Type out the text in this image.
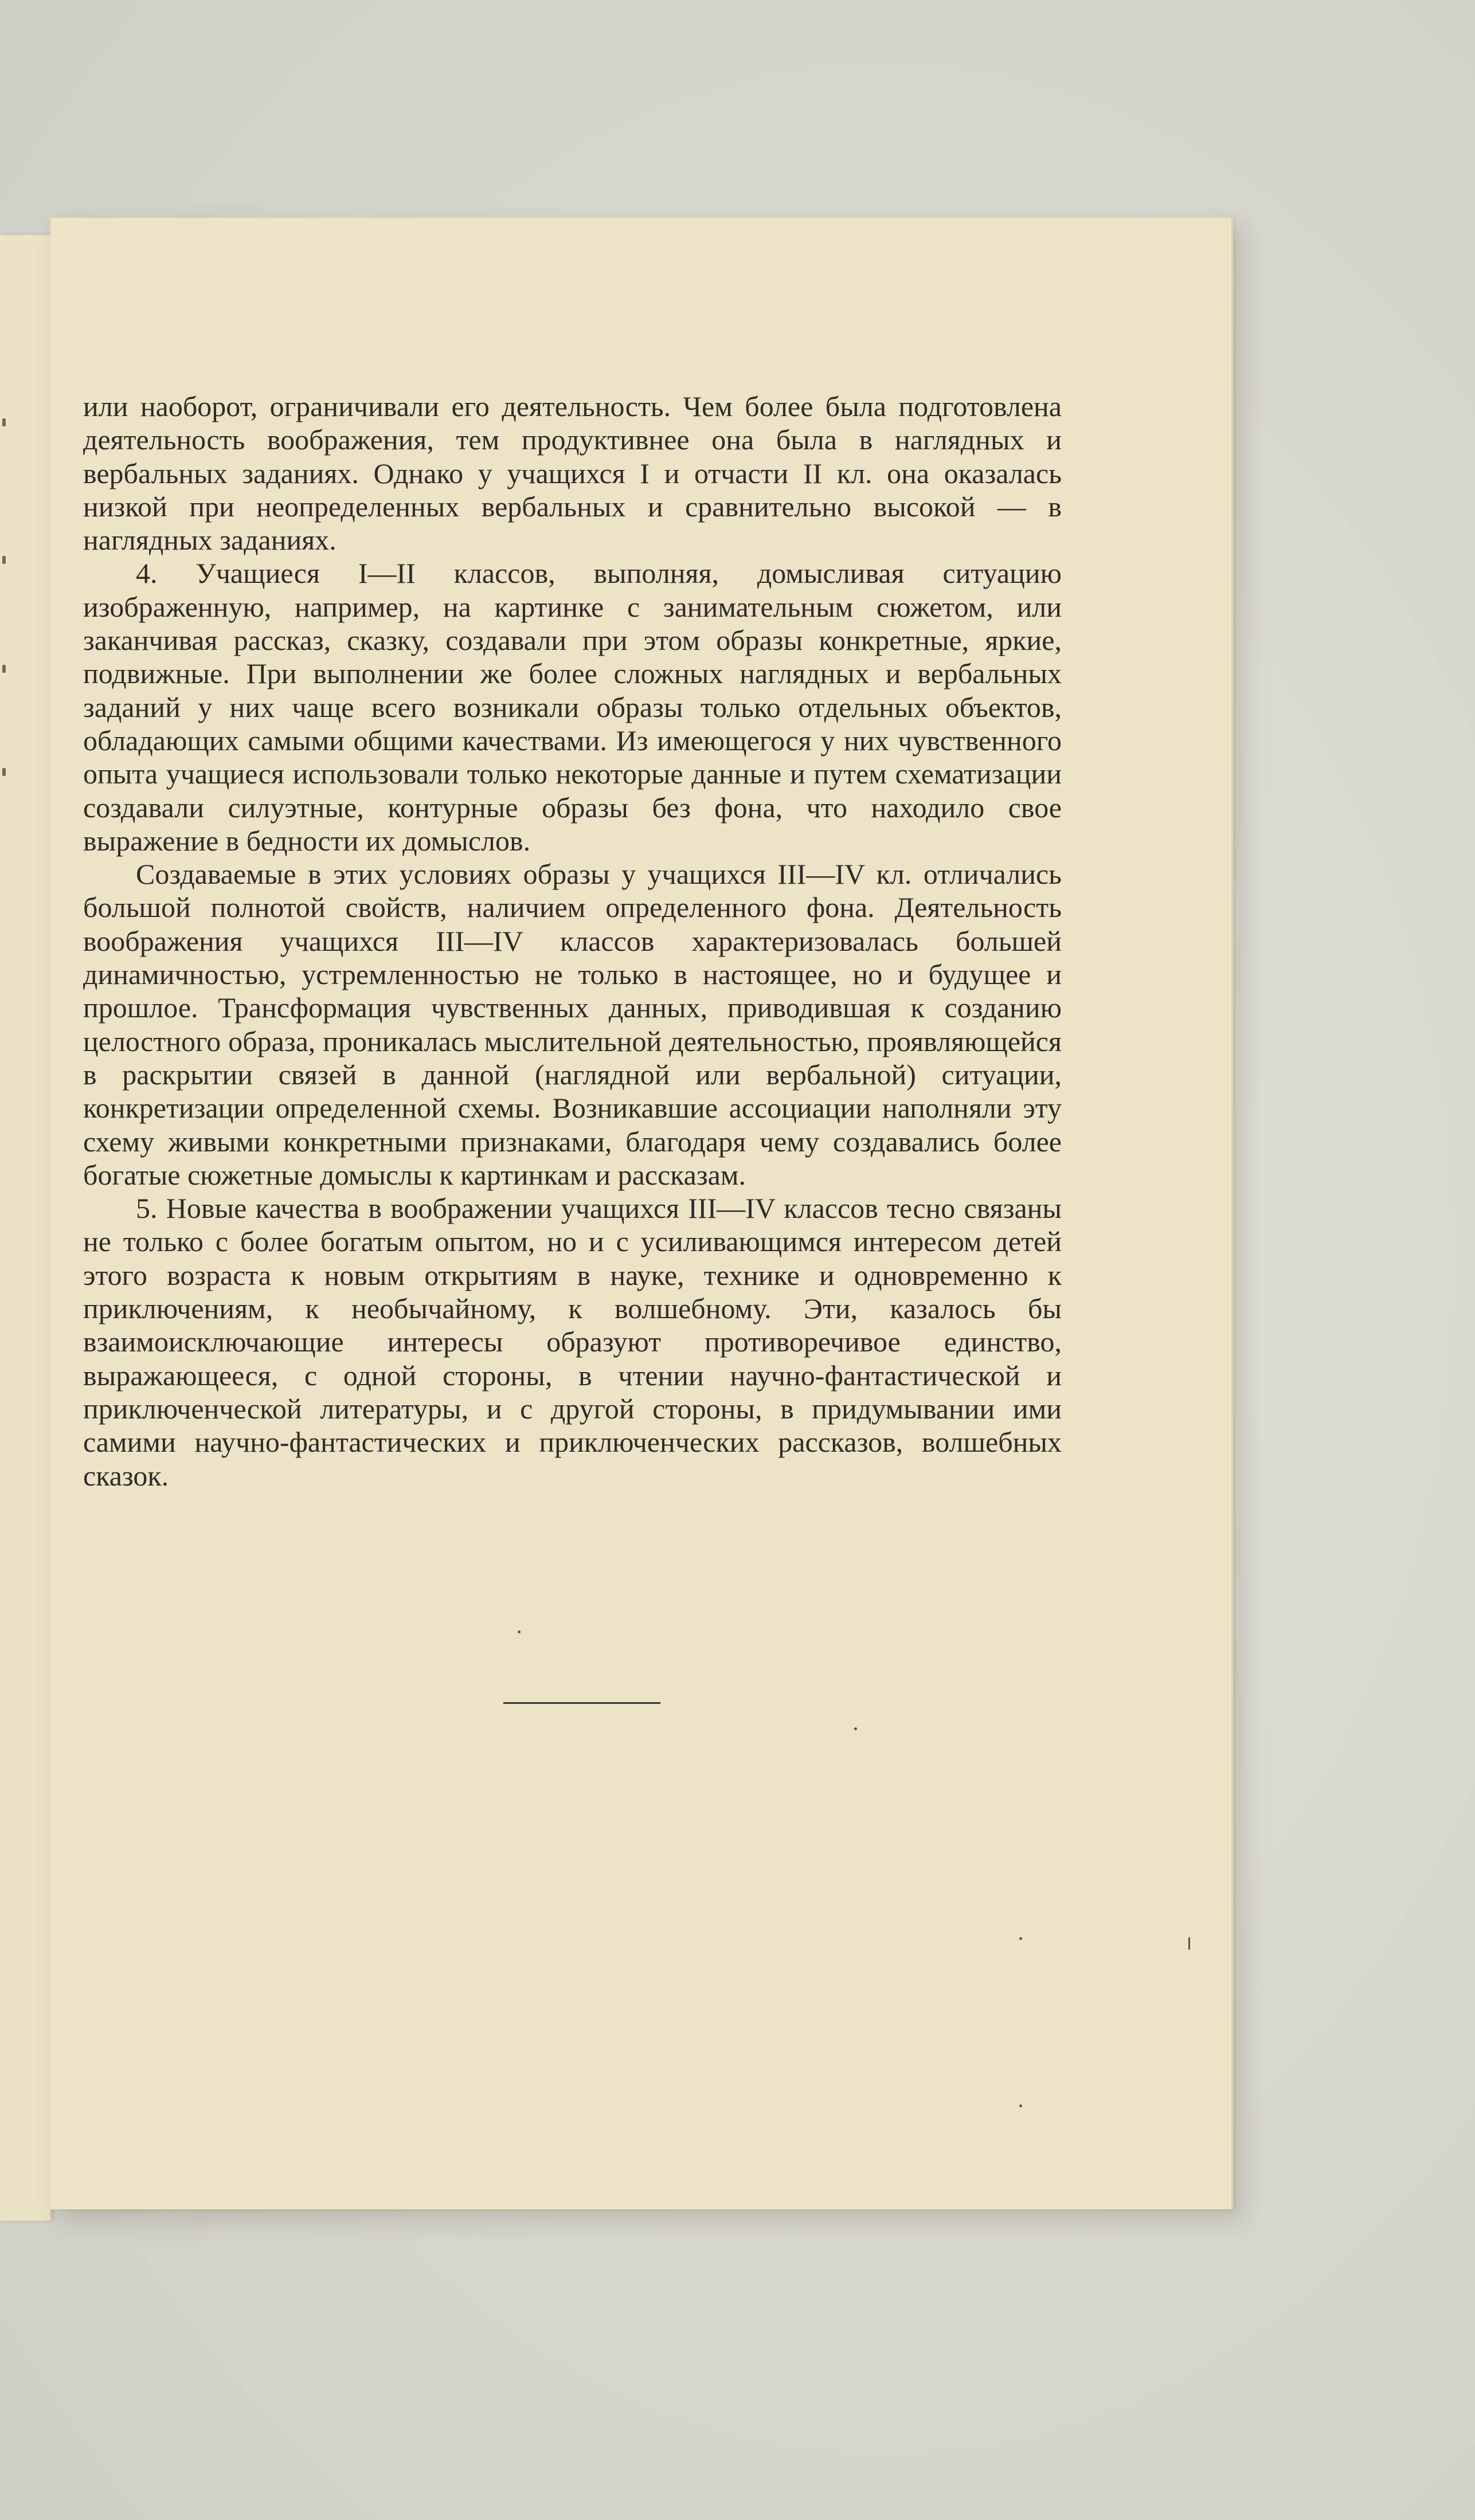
или наоборот, ограничивали его деятельность. Чем более была подготовлена деятельность воображения, тем продуктивнее она была в наглядных и вербальных заданиях. Однако у учащихся I и отчасти II кл. она оказалась низкой при неопределенных вербальных и сравнительно высокой — в наглядных заданиях.

4. Учащиеся I—II классов, выполняя, домысливая ситуацию изображенную, например, на картинке с занимательным сюжетом, или заканчивая рассказ, сказку, создавали при этом образы конкретные, яркие, подвижные. При выполнении же более сложных наглядных и вербальных заданий у них чаще всего возникали образы только отдельных объектов, обладающих самыми общими качествами. Из имеющегося у них чувственного опыта учащиеся использовали только некоторые данные и путем схематизации создавали силуэтные, контурные образы без фона, что находило свое выражение в бедности их домыслов.

Создаваемые в этих условиях образы у учащихся III—IV кл. отличались большой полнотой свойств, наличием определенного фона. Деятельность воображения учащихся III—IV классов характеризовалась большей динамичностью, устремленностью не только в настоящее, но и будущее и прошлое. Трансформация чувственных данных, приводившая к созданию целостного образа, проникалась мыслительной деятельностью, проявляющейся в раскрытии связей в данной (наглядной или вербальной) ситуации, конкретизации определенной схемы. Возникавшие ассоциации наполняли эту схему живыми конкретными признаками, благодаря чему создавались более богатые сюжетные домыслы к картинкам и рассказам.

5. Новые качества в воображении учащихся III—IV классов тесно связаны не только с более богатым опытом, но и с усиливающимся интересом детей этого возраста к новым открытиям в науке, технике и одновременно к приключениям, к необычайному, к волшебному. Эти, казалось бы взаимоисключающие интересы образуют противоречивое единство, выражающееся, с одной стороны, в чтении научно-фантастической и приключенческой литературы, и с другой стороны, в придумывании ими самими научно-фантастических и приключенческих рассказов, волшебных сказок.
